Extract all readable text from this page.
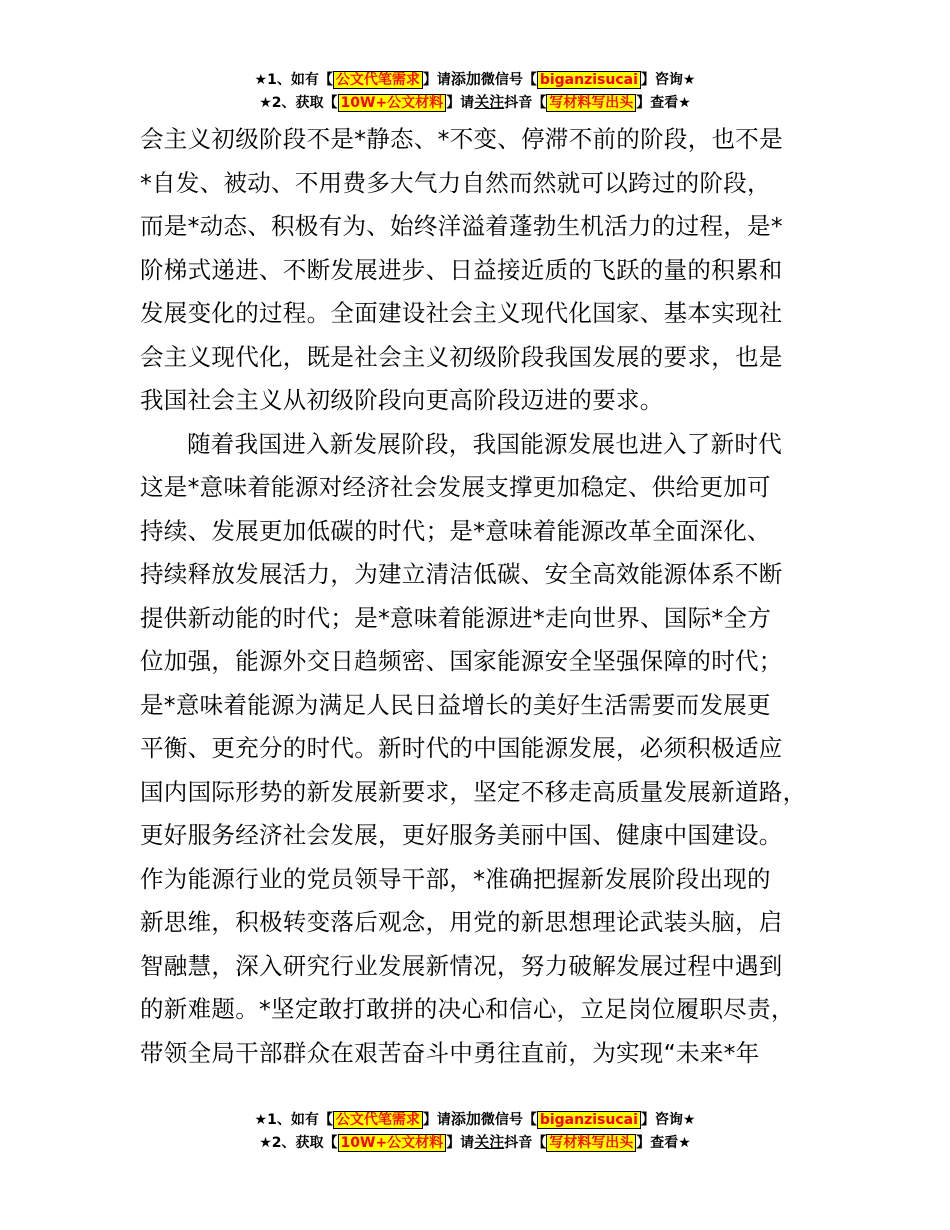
★1、如有【 公文代笔需求 】请添加微信号【 biganzisucai 】咨询★
★2、获取【 10W+公文材料 】请关注抖音【 写材料写出头 】查看★

会主义初级阶段不是*静态、*不变、停滞不前的阶段，也不是
*自发、被动、不用费多大气力自然而然就可以跨过的阶段，
而是*动态、积极有为、始终洋溢着蓬勃生机活力的过程，是*
阶梯式递进、不断发展进步、日益接近质的飞跃的量的积累和
发展变化的过程。全面建设社会主义现代化国家、基本实现社
会主义现代化，既是社会主义初级阶段我国发展的要求，也是
我国社会主义从初级阶段向更高阶段迈进的要求。

随着我国进入新发展阶段，我国能源发展也进入了新时代
这是*意味着能源对经济社会发展支撑更加稳定、供给更加可
持续、发展更加低碳的时代；是*意味着能源改革全面深化、
持续释放发展活力，为建立清洁低碳、安全高效能源体系不断
提供新动能的时代；是*意味着能源进*走向世界、国际*全方
位加强，能源外交日趋频密、国家能源安全坚强保障的时代；
是*意味着能源为满足人民日益增长的美好生活需要而发展更
平衡、更充分的时代。新时代的中国能源发展，必须积极适应
国内国际形势的新发展新要求，坚定不移走高质量发展新道路，
更好服务经济社会发展，更好服务美丽中国、健康中国建设。
作为能源行业的党员领导干部，*准确把握新发展阶段出现的
新思维，积极转变落后观念，用党的新思想理论武装头脑，启
智融慧，深入研究行业发展新情况，努力破解发展过程中遇到
的新难题。*坚定敢打敢拼的决心和信心，立足岗位履职尽责，
带领全局干部群众在艰苦奋斗中勇往直前，为实现“未来*年

★1、如有【 公文代笔需求 】请添加微信号【 biganzisucai 】咨询★
★2、获取【 10W+公文材料 】请关注抖音【 写材料写出头 】查看★
